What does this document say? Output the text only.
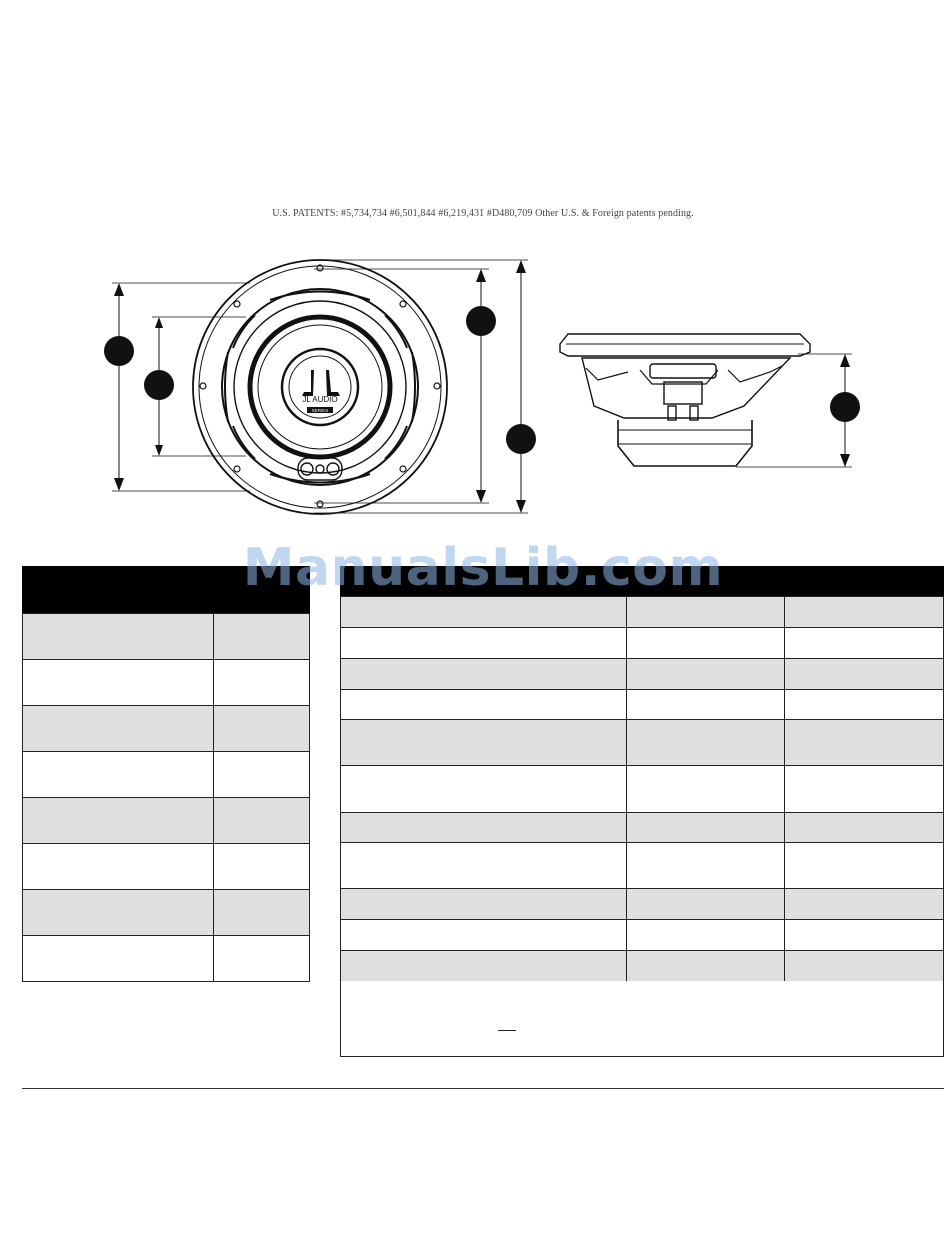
U.S. PATENTS: #5,734,734 #6,501,844 #6,219,431 #D480,709 Other U.S. & Foreign patents pending.
JL AUDIO
SERIES

ManualsLib.com
